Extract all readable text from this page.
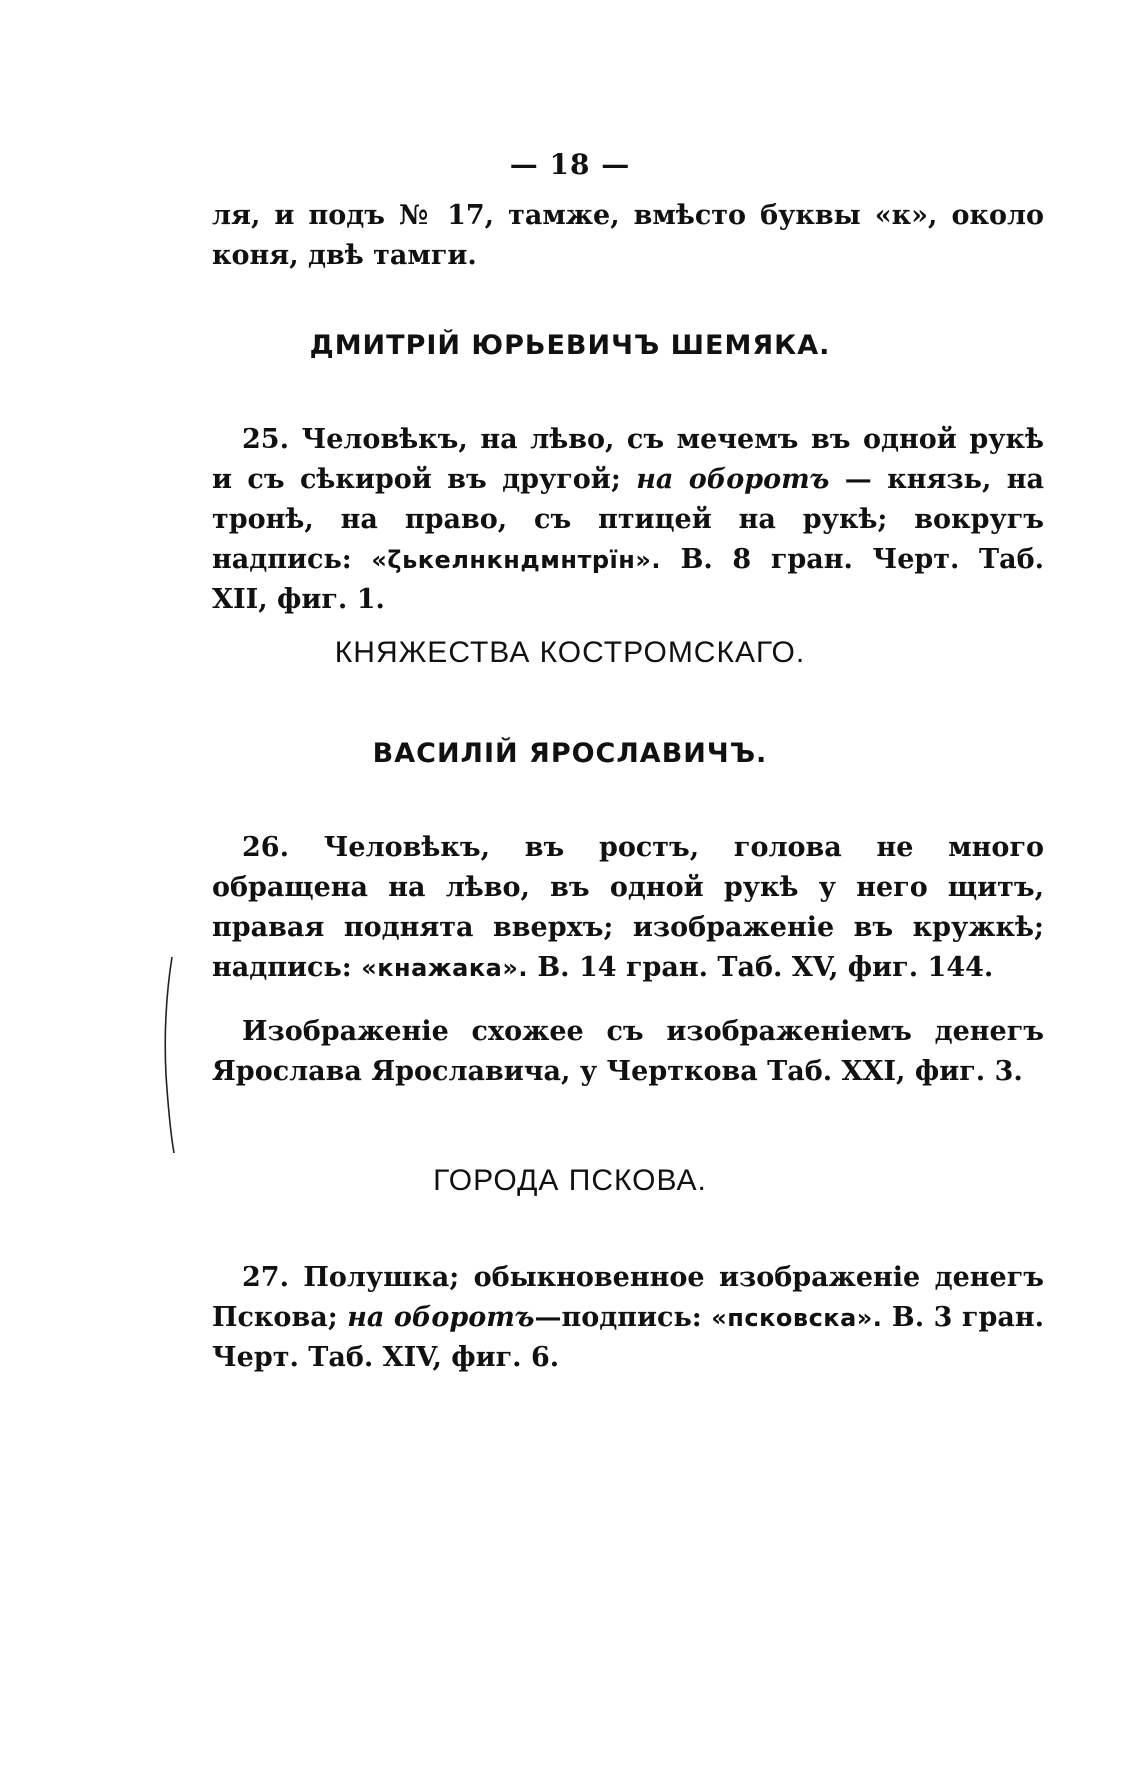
— 18 —
ля, и подъ № 17, тамже, вмѣсто буквы «к», около коня, двѣ тамги.
ДМИТРІЙ ЮРЬЕВИЧЪ ШЕМЯКА.
25. Человѣкъ, на лѣво, съ мечемъ въ одной рукѣ и съ сѣкирой въ другой; на оборотъ — князь, на тронѣ, на право, съ птицей на рукѣ; вокругъ надпись: «ζькелнкндмнтрїн». В. 8 гран. Черт. Таб. XII, фиг. 1.
КНЯЖЕСТВА КОСТРОМСКАГО.
ВАСИЛІЙ ЯРОСЛАВИЧЪ.
26. Человѣкъ, въ ростъ, голова не много обращена на лѣво, въ одной рукѣ у него щитъ, правая поднята вверхъ; изображеніе въ кружкѣ; надпись: «кнажака». В. 14 гран. Таб. XV, фиг. 144.
Изображеніе схожее съ изображеніемъ денегъ Ярослава Ярославича, у Черткова Таб. XXI, фиг. 3.
ГОРОДА ПСКОВА.
27. Полушка; обыкновенное изображеніе денегъ Пскова; на оборотъ—подпись: «псковска». В. 3 гран. Черт. Таб. XIV, фиг. 6.
